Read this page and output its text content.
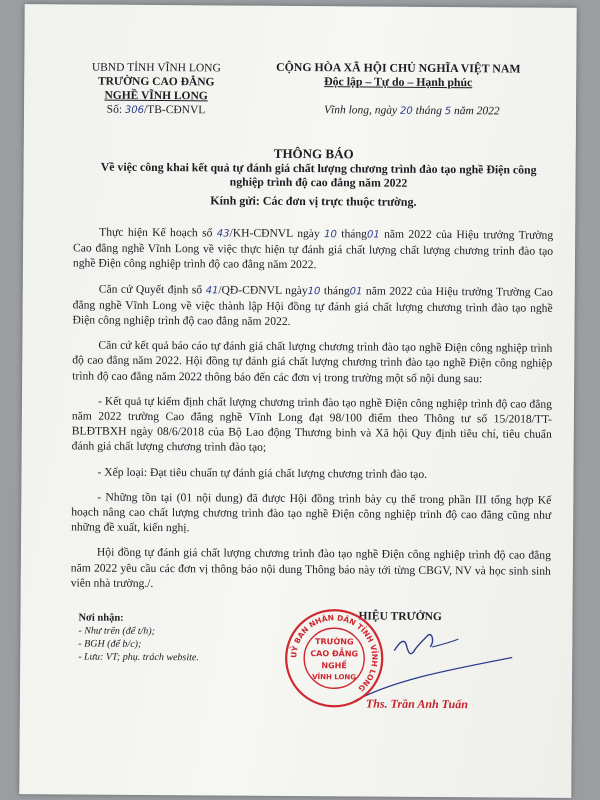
UBND TỈNH VĨNH LONG
TRƯỜNG CAO ĐẲNG
NGHỀ VĨNH LONG
Số: 306/TB-CĐNVL
CỘNG HÒA XÃ HỘI CHỦ NGHĨA VIỆT NAM
Độc lập – Tự do – Hạnh phúc
Vĩnh long, ngày 20 tháng 5 năm 2022
THÔNG BÁO
Về việc công khai kết quả tự đánh giá chất lượng chương trình đào tạo nghề Điện công nghiệp trình độ cao đẳng năm 2022
Kính gửi: Các đơn vị trực thuộc trường.

Thực hiện Kế hoạch số 43/KH-CĐNVL ngày 10 tháng01 năm 2022 của Hiệu trưởng Trường Cao đẳng nghề Vĩnh Long về việc thực hiện tự đánh giá chất lượng chất lượng chương trình đào tạo nghề Điện công nghiệp trình độ cao đẳng năm 2022.

Căn cứ Quyết định số 41/QĐ-CĐNVL ngày10 tháng01 năm 2022 của Hiệu trưởng Trường Cao đẳng nghề Vĩnh Long về việc thành lập Hội đồng tự đánh giá chất lượng chương trình đào tạo nghề Điện công nghiệp trình độ cao đẳng năm 2022.

Căn cứ kết quả báo cáo tự đánh giá chất lượng chương trình đào tạo nghề Điện công nghiệp trình độ cao đẳng năm 2022. Hội đồng tự đánh giá chất lượng chương trình đào tạo nghề Điện công nghiệp trình độ cao đẳng năm 2022 thông báo đến các đơn vị trong trường một số nội dung sau:

- Kết quả tự kiểm định chất lượng chương trình đào tạo nghề Điện công nghiệp trình độ cao đẳng năm 2022 trường Cao đẳng nghề Vĩnh Long đạt 98/100 điểm theo Thông tư số 15/2018/TT-BLĐTBXH ngày 08/6/2018 của Bộ Lao động Thương binh và Xã hội Quy định tiêu chí, tiêu chuẩn đánh giá chất lượng chương trình đào tạo;

- Xếp loại: Đạt tiêu chuẩn tự đánh giá chất lượng chương trình đào tạo.

- Những tồn tại (01 nội dung) đã được Hội đồng trình bày cụ thể trong phần III tổng hợp Kế hoạch nâng cao chất lượng chương trình đào tạo nghề Điện công nghiệp trình độ cao đẳng cũng như những đề xuất, kiến nghị.

Hội đồng tự đánh giá chất lượng chương trình đào tạo nghề Điện công nghiệp trình độ cao đẳng năm 2022 yêu cầu các đơn vị thông báo nội dung Thông báo này tới từng CBGV, NV và học sinh sinh viên nhà trường./.

Nơi nhận:
- Như trên (để t/h);
- BGH (để b/c);
- Lưu: VT; phụ. trách website.
HIỆU TRƯỞNG
UỶ BAN NHÂN DÂN TỈNH VĨNH LONG
TRƯỜNG
CAO ĐẲNG
NGHỀ
VĨNH LONG
Ths. Trần Anh Tuấn
